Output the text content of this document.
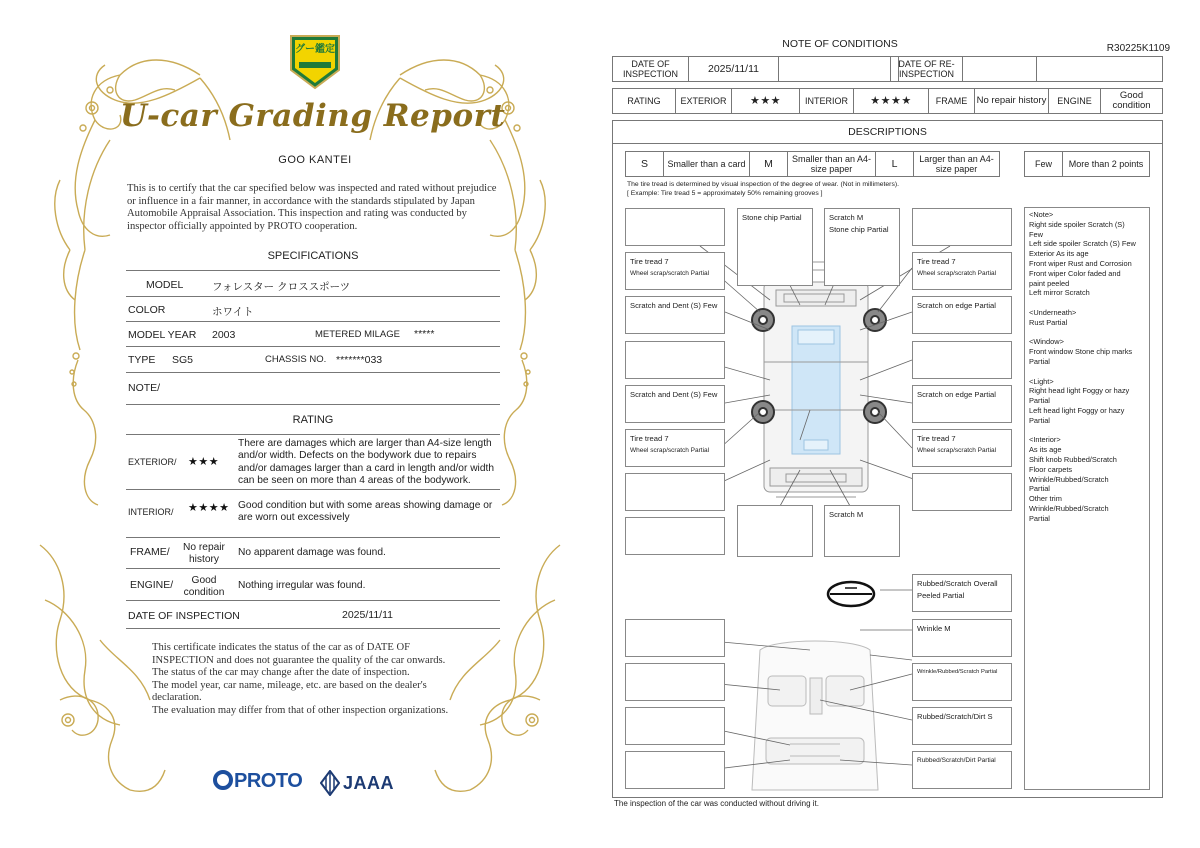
グー鑑定
U-car Grading Report
GOO KANTEI
This is to certify that the car specified below was inspected and rated without prejudice or influence in a fair manner, in accordance with the standards stipulated by Japan Automobile Appraisal Association. This inspection and rating was conducted by inspector officially appointed by PROTO cooperation.
SPECIFICATIONS
MODEL	フォレスター クロススポーツ
COLOR	ホワイト
MODEL YEAR 2003	METERED MILAGE *****
TYPE SG5	CHASSIS NO. *******033
NOTE/
RATING
EXTERIOR/ ★★★
There are damages which are larger than A4-size length and/or width. Defects on the bodywork due to repairs and/or damages larger than a card in length and/or width can be seen on more than 4 areas of the bodywork.
INTERIOR/ ★★★★ Good condition but with some areas showing damage or are worn out excessively
FRAME/	No repair history
No apparent damage was found.
ENGINE/	Good condition
Nothing irregular was found.
DATE OF INSPECTION	2025/11/11
This certificate indicates the status of the car as of DATE OF
INSPECTION and does not guarantee the quality of the car onwards.
The status of the car may change after the date of inspection.
The model year, car name, mileage, etc. are based on the dealer's
declaration.
The evaluation may differ from that of other inspection organizations.
PROTO JAAA
NOTE OF CONDITIONS	R30225K1109
DATE OF INSPECTION	2025/11/11	DATE OF RE-INSPECTION
RATING	EXTERIOR	★★★	INTERIOR	★★★★	FRAME No repair history	ENGINE	Good condition
DESCRIPTIONS
S	Smaller than a card	M	Smaller than an A4-size paper	L	Larger than an A4-size paper	Few	More than 2 points
The tire tread is determined by visual inspection of the degree of wear. (Not in millimeters).
[ Example: Tire tread 5 = approximately 50% remaining grooves ]
Tire tread 7
Wheel scrap/scratch Partial
Scratch and Dent (S) Few
Scratch and Dent (S) Few
Tire tread 7
Wheel scrap/scratch Partial
Stone chip Partial	Scratch M
Stone chip Partial
Scratch M
Tire tread 7
Wheel scrap/scratch Partial
Scratch on edge Partial
Scratch on edge Partial
Tire tread 7
Wheel scrap/scratch Partial
Rubbed/Scratch Overall
Peeled Partial
Wrinkle M
Wrinkle/Rubbed/Scratch Partial
Rubbed/Scratch/Dirt S
Rubbed/Scratch/Dirt Partial
<Note>
Right side spoiler Scratch (S)
Few
Left side spoiler Scratch (S) Few
Exterior As its age
Front wiper Rust and Corrosion
Front wiper Color faded and
paint peeled
Left mirror Scratch
<Underneath>
Rust Partial
<Window>
Front window Stone chip marks
Partial
<Light>
Right head light Foggy or hazy
Partial
Left head light Foggy or hazy
Partial
<Interior>
As its age
Shift knob Rubbed/Scratch
Floor carpets
Wrinkle/Rubbed/Scratch
Partial
Other trim
Wrinkle/Rubbed/Scratch
Partial
The inspection of the car was conducted without driving it.
